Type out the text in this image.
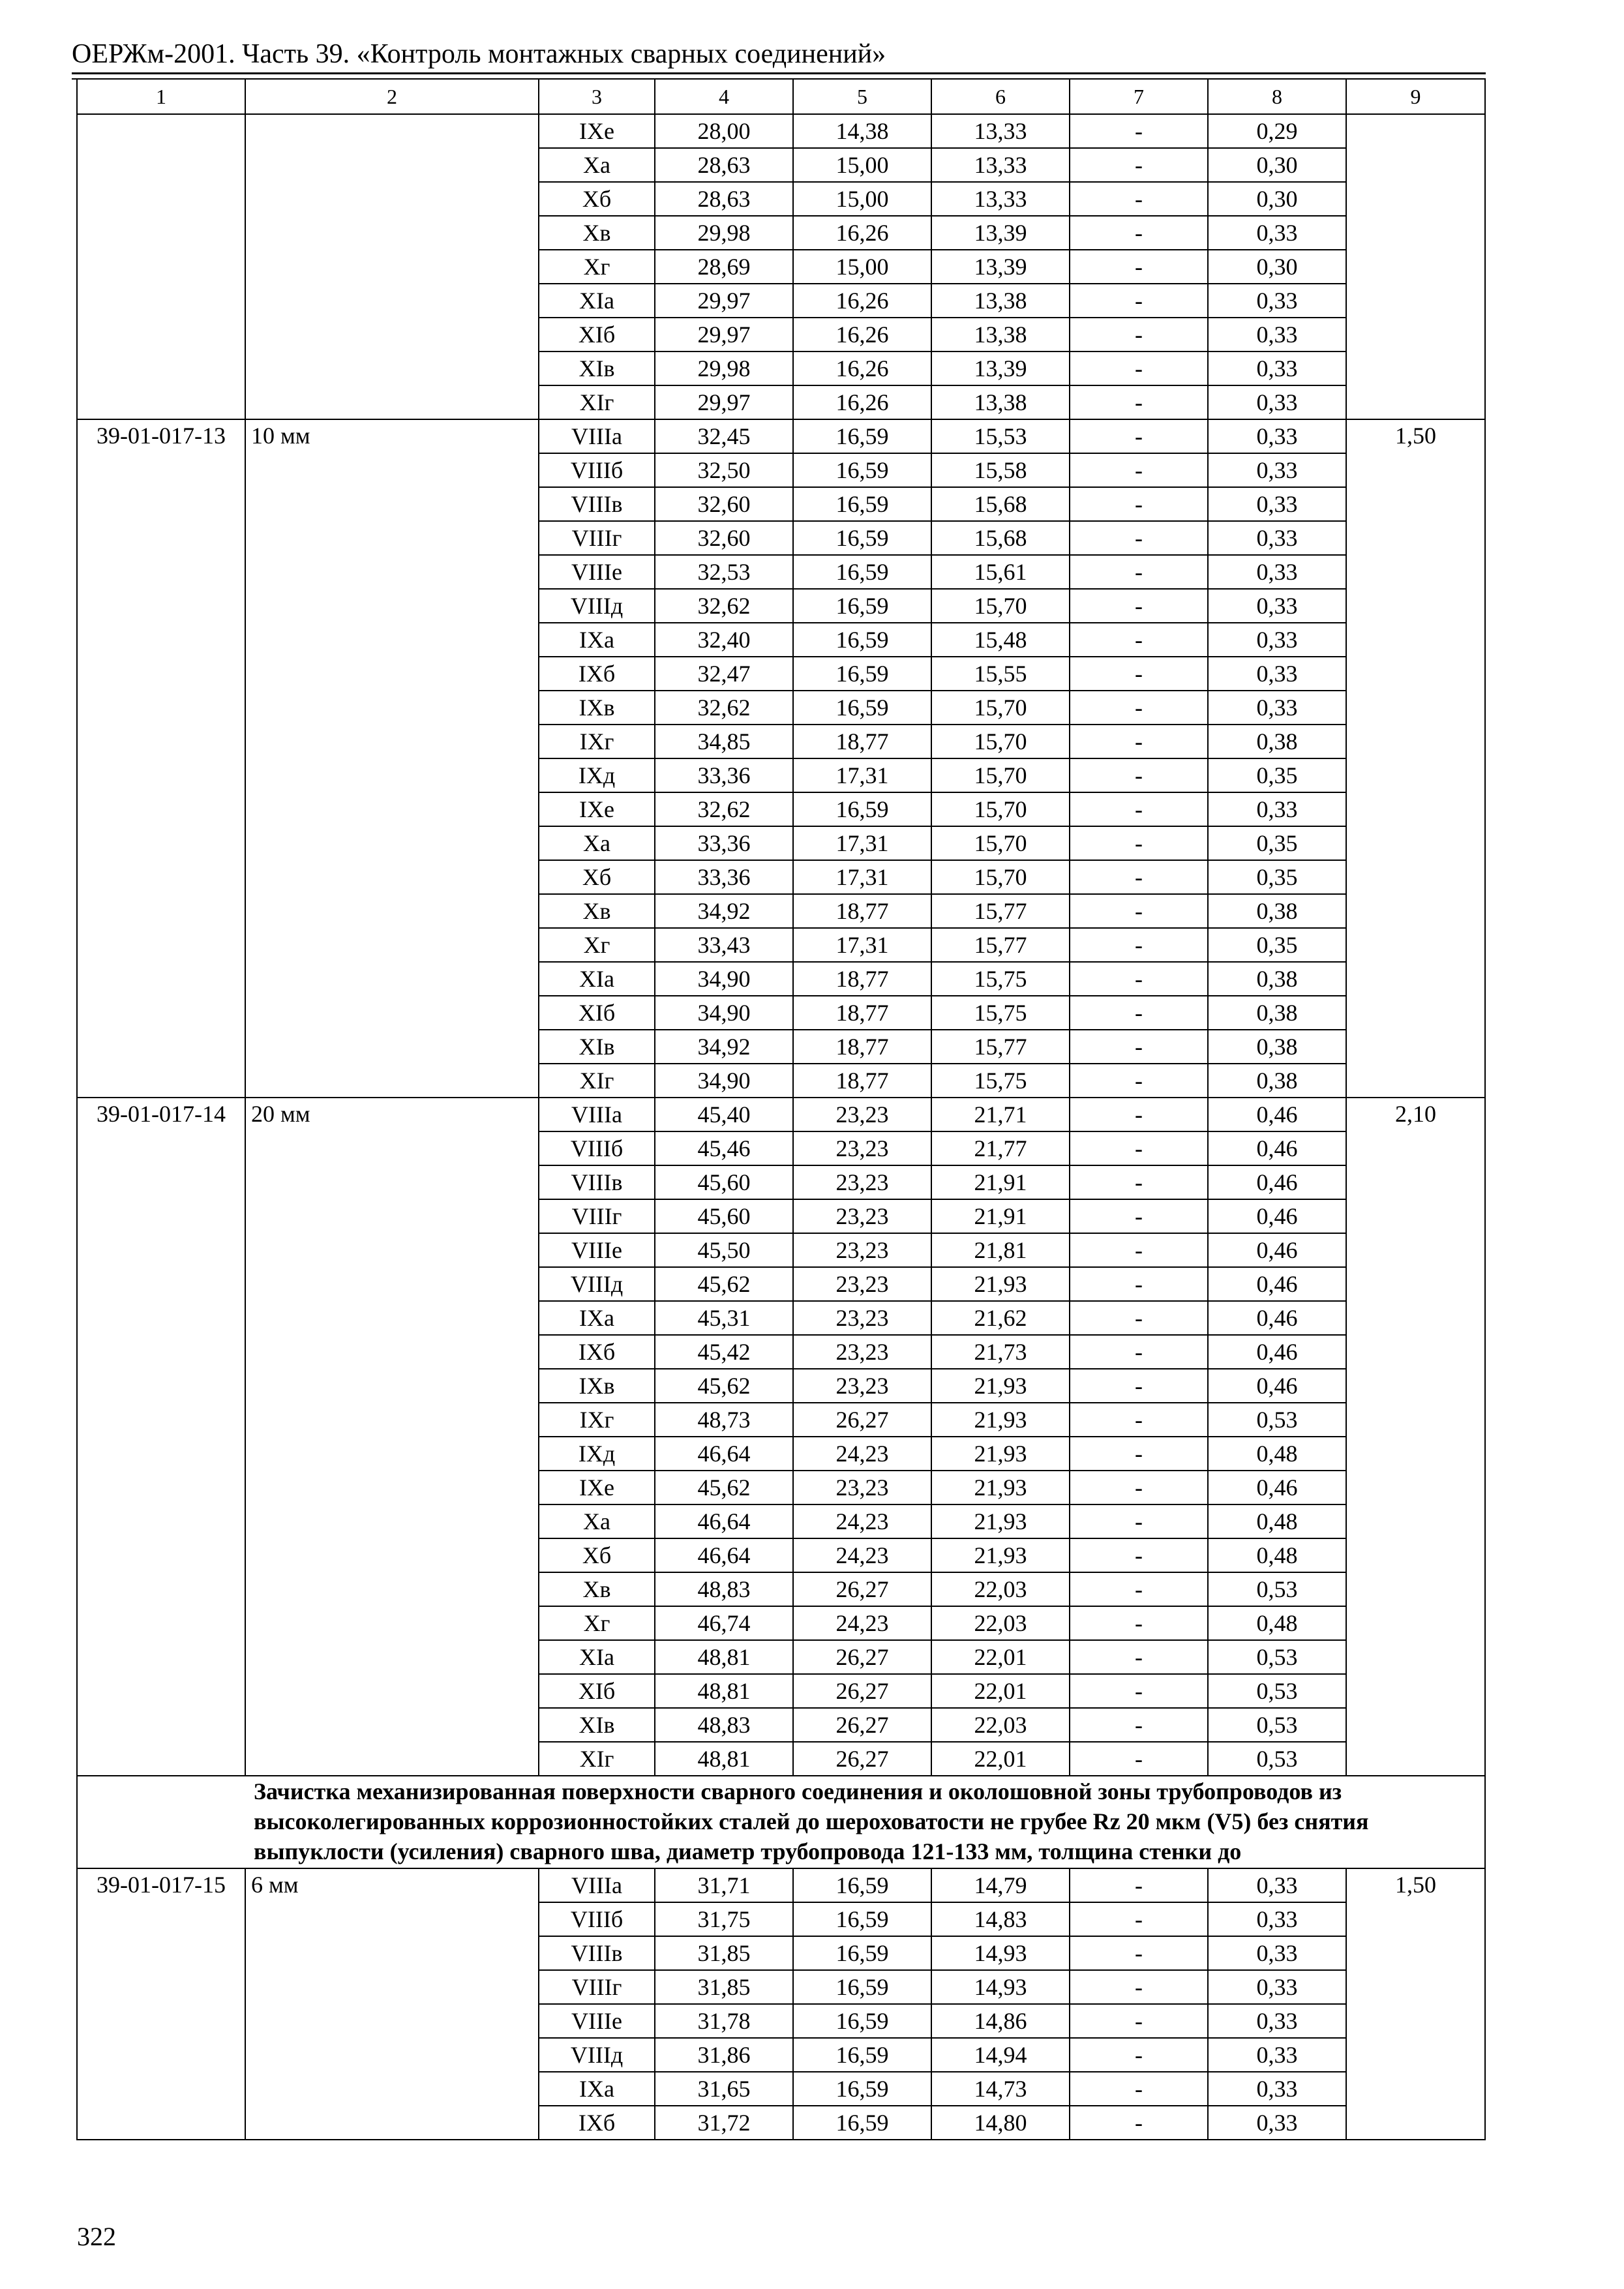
ОЕРЖм-2001. Часть 39. «Контроль монтажных сварных соединений»
1	2	3	4	5	6	7	8	9
		IXе	28,00	14,38	13,33	-	0,29	
		Xа	28,63	15,00	13,33	-	0,30	
		Xб	28,63	15,00	13,33	-	0,30	
		Xв	29,98	16,26	13,39	-	0,33	
		Xг	28,69	15,00	13,39	-	0,30	
		XIа	29,97	16,26	13,38	-	0,33	
		XIб	29,97	16,26	13,38	-	0,33	
		XIв	29,98	16,26	13,39	-	0,33	
		XIг	29,97	16,26	13,38	-	0,33	
39-01-017-13	10 мм	VIIIа	32,45	16,59	15,53	-	0,33	1,50
		VIIIб	32,50	16,59	15,58	-	0,33	
		VIIIв	32,60	16,59	15,68	-	0,33	
		VIIIг	32,60	16,59	15,68	-	0,33	
		VIIIе	32,53	16,59	15,61	-	0,33	
		VIIIд	32,62	16,59	15,70	-	0,33	
		IXа	32,40	16,59	15,48	-	0,33	
		IXб	32,47	16,59	15,55	-	0,33	
		IXв	32,62	16,59	15,70	-	0,33	
		IXг	34,85	18,77	15,70	-	0,38	
		IXд	33,36	17,31	15,70	-	0,35	
		IXе	32,62	16,59	15,70	-	0,33	
		Xа	33,36	17,31	15,70	-	0,35	
		Xб	33,36	17,31	15,70	-	0,35	
		Xв	34,92	18,77	15,77	-	0,38	
		Xг	33,43	17,31	15,77	-	0,35	
		XIа	34,90	18,77	15,75	-	0,38	
		XIб	34,90	18,77	15,75	-	0,38	
		XIв	34,92	18,77	15,77	-	0,38	
		XIг	34,90	18,77	15,75	-	0,38	
39-01-017-14	20 мм	VIIIа	45,40	23,23	21,71	-	0,46	2,10
		VIIIб	45,46	23,23	21,77	-	0,46	
		VIIIв	45,60	23,23	21,91	-	0,46	
		VIIIг	45,60	23,23	21,91	-	0,46	
		VIIIе	45,50	23,23	21,81	-	0,46	
		VIIIд	45,62	23,23	21,93	-	0,46	
		IXа	45,31	23,23	21,62	-	0,46	
		IXб	45,42	23,23	21,73	-	0,46	
		IXв	45,62	23,23	21,93	-	0,46	
		IXг	48,73	26,27	21,93	-	0,53	
		IXд	46,64	24,23	21,93	-	0,48	
		IXе	45,62	23,23	21,93	-	0,46	
		Xа	46,64	24,23	21,93	-	0,48	
		Xб	46,64	24,23	21,93	-	0,48	
		Xв	48,83	26,27	22,03	-	0,53	
		Xг	46,74	24,23	22,03	-	0,48	
		XIа	48,81	26,27	22,01	-	0,53	
		XIб	48,81	26,27	22,01	-	0,53	
		XIв	48,83	26,27	22,03	-	0,53	
		XIг	48,81	26,27	22,01	-	0,53	
Зачистка механизированная поверхности сварного соединения и околошовной зоны трубопроводов из высоколегированных коррозионностойких сталей до шероховатости не грубее Rz 20 мкм (V5) без снятия выпуклости (усиления) сварного шва, диаметр трубопровода 121-133 мм, толщина стенки до								
39-01-017-15	6 мм	VIIIа	31,71	16,59	14,79	-	0,33	1,50
		VIIIб	31,75	16,59	14,83	-	0,33	
		VIIIв	31,85	16,59	14,93	-	0,33	
		VIIIг	31,85	16,59	14,93	-	0,33	
		VIIIе	31,78	16,59	14,86	-	0,33	
		VIIIд	31,86	16,59	14,94	-	0,33	
		IXа	31,65	16,59	14,73	-	0,33	
		IXб	31,72	16,59	14,80	-	0,33	
322
